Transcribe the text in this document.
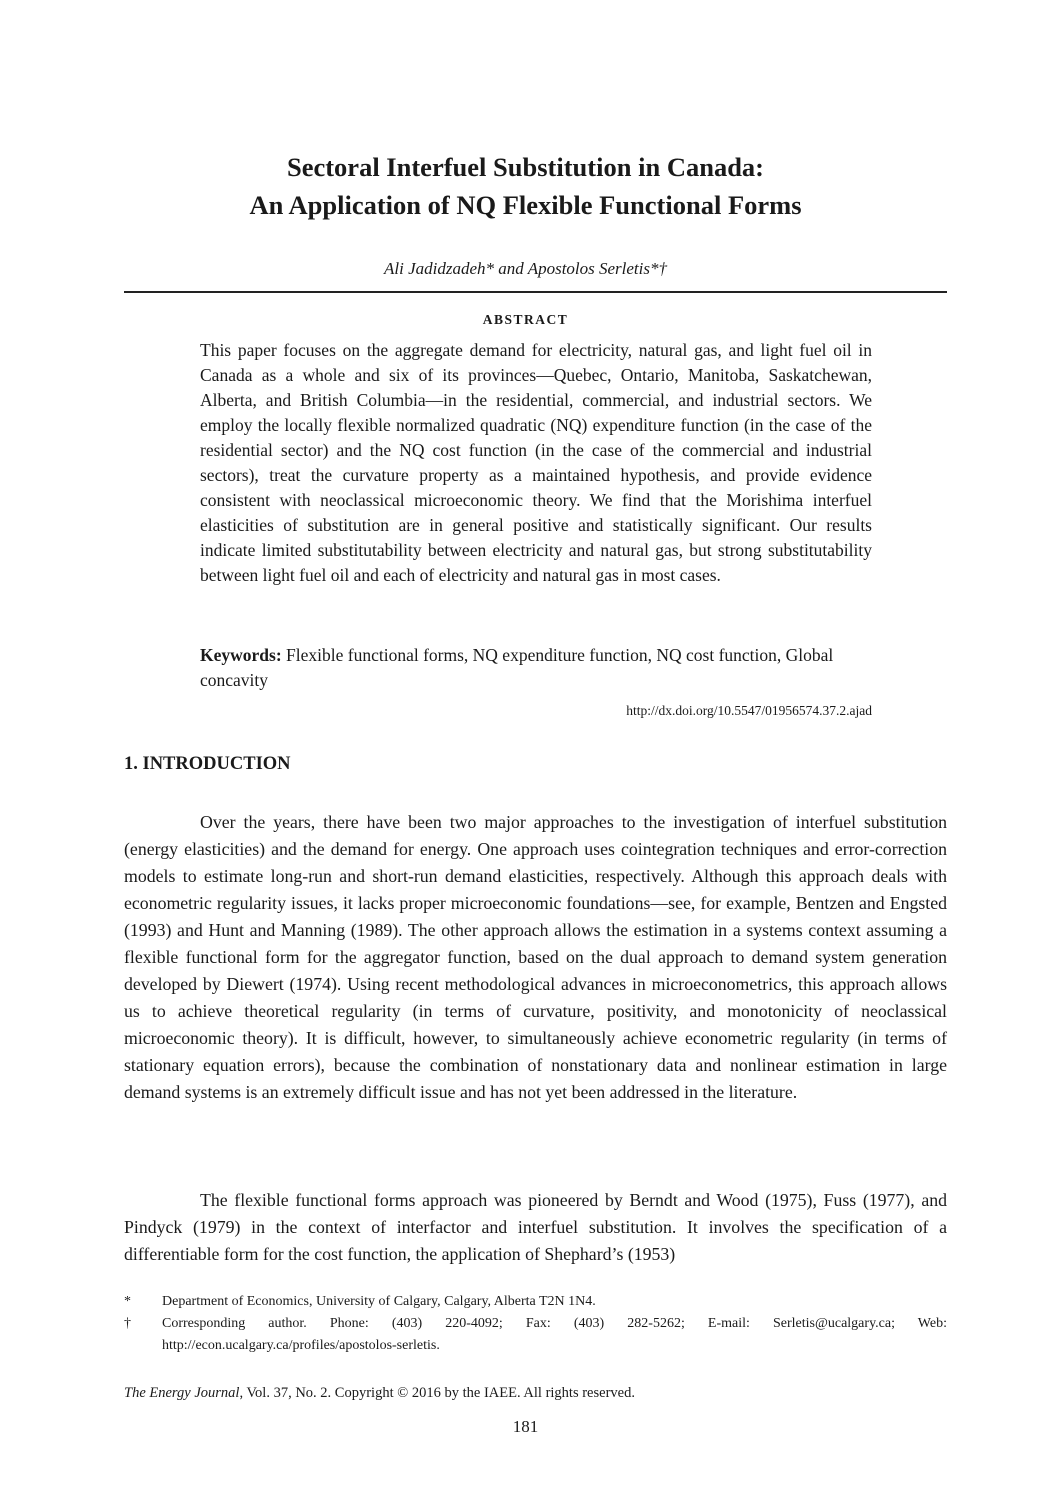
Sectoral Interfuel Substitution in Canada:
An Application of NQ Flexible Functional Forms

Ali Jadidzadeh* and Apostolos Serletis*†

ABSTRACT

This paper focuses on the aggregate demand for electricity, natural gas, and light fuel oil in Canada as a whole and six of its provinces—Quebec, Ontario, Manitoba, Saskatchewan, Alberta, and British Columbia—in the residential, commercial, and industrial sectors. We employ the locally flexible normalized quadratic (NQ) expenditure function (in the case of the residential sector) and the NQ cost function (in the case of the commercial and industrial sectors), treat the curvature property as a maintained hypothesis, and provide evidence consistent with neoclassical microeconomic theory. We find that the Morishima interfuel elasticities of substitution are in general positive and statistically significant. Our results indicate limited substitutability between electricity and natural gas, but strong substitutability between light fuel oil and each of electricity and natural gas in most cases.

Keywords: Flexible functional forms, NQ expenditure function, NQ cost function, Global concavity

http://dx.doi.org/10.5547/01956574.37.2.ajad

1. INTRODUCTION

Over the years, there have been two major approaches to the investigation of interfuel substitution (energy elasticities) and the demand for energy. One approach uses cointegration techniques and error-correction models to estimate long-run and short-run demand elasticities, respectively. Although this approach deals with econometric regularity issues, it lacks proper microeconomic foundations—see, for example, Bentzen and Engsted (1993) and Hunt and Manning (1989). The other approach allows the estimation in a systems context assuming a flexible functional form for the aggregator function, based on the dual approach to demand system generation developed by Diewert (1974). Using recent methodological advances in microeconometrics, this approach allows us to achieve theoretical regularity (in terms of curvature, positivity, and monotonicity of neoclassical microeconomic theory). It is difficult, however, to simultaneously achieve econometric regularity (in terms of stationary equation errors), because the combination of nonstationary data and nonlinear estimation in large demand systems is an extremely difficult issue and has not yet been addressed in the literature.

The flexible functional forms approach was pioneered by Berndt and Wood (1975), Fuss (1977), and Pindyck (1979) in the context of interfactor and interfuel substitution. It involves the specification of a differentiable form for the cost function, the application of Shephard’s (1953)

*	Department of Economics, University of Calgary, Calgary, Alberta T2N 1N4.
†	Corresponding author. Phone: (403) 220-4092; Fax: (403) 282-5262; E-mail: Serletis@ucalgary.ca; Web: http://econ.ucalgary.ca/profiles/apostolos-serletis.

The Energy Journal, Vol. 37, No. 2. Copyright © 2016 by the IAEE. All rights reserved.

181
